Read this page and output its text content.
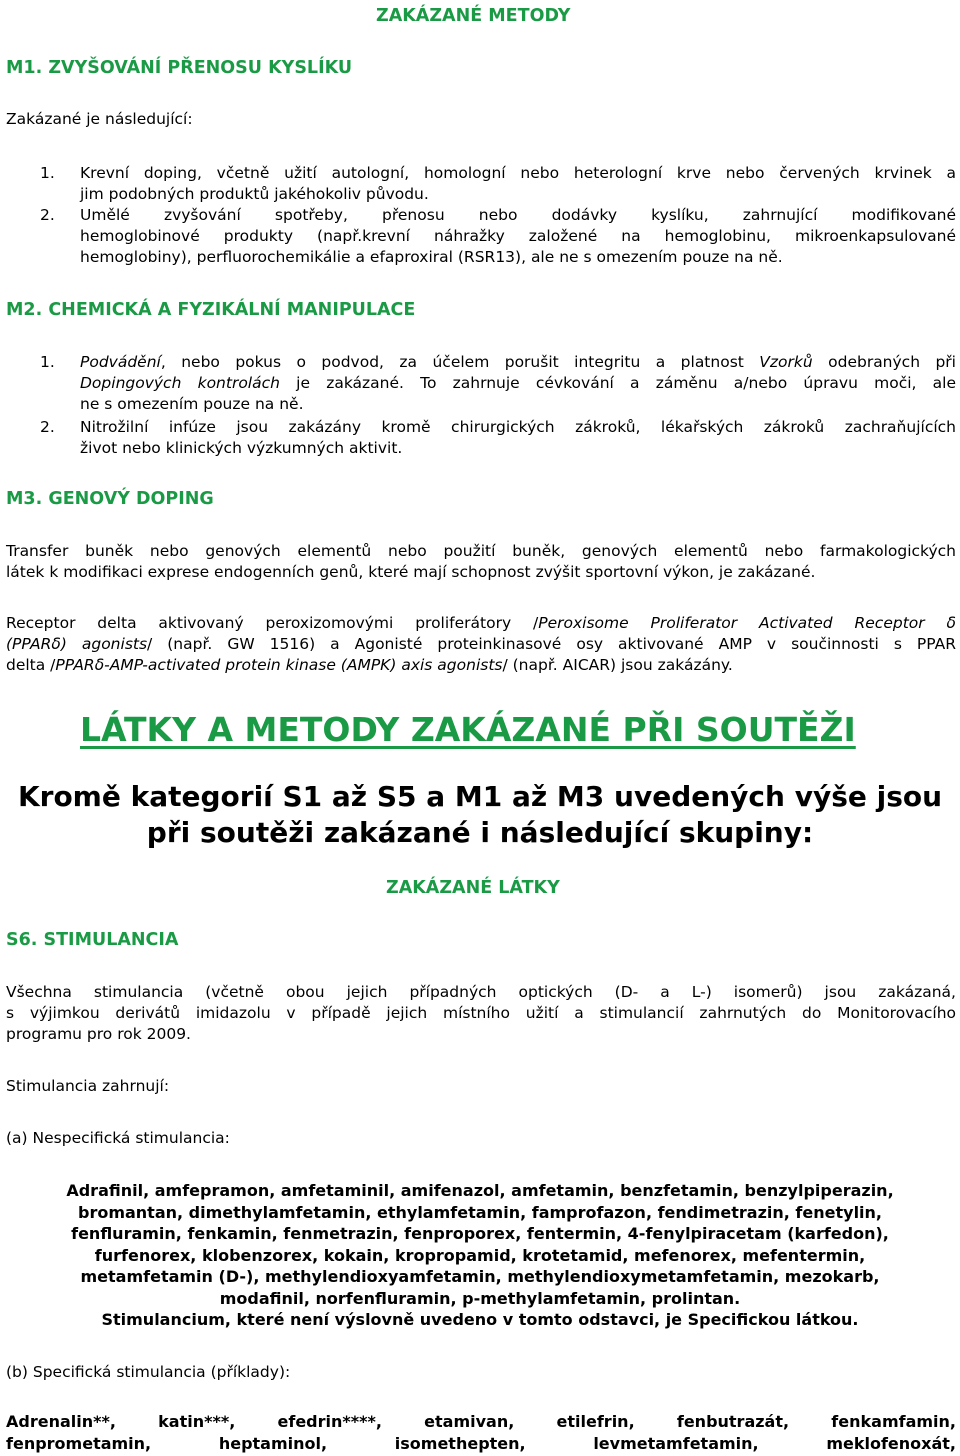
ZAKÁZANÉ METODY
M1. ZVYŠOVÁNÍ PŘENOSU KYSLÍKU
Zakázané je následující:
1. Krevní doping, včetně užití autologní, homologní nebo heterologní krve nebo červených krvinek a

jim podobných produktů jakéhokoliv původu.

2. Umělé zvyšování spotřeby, přenosu nebo dodávky kyslíku, zahrnující modifikované

hemoglobinové produkty (např.krevní náhražky založené na hemoglobinu, mikroenkapsulované

hemoglobiny), perfluorochemikálie a efaproxiral (RSR13), ale ne s omezením pouze na ně.

M2. CHEMICKÁ A FYZIKÁLNÍ MANIPULACE
1. Podvádění, nebo pokus o podvod, za účelem porušit integritu a platnost Vzorků odebraných při

Dopingových kontrolách je zakázané. To zahrnuje cévkování a záměnu a/nebo úpravu moči, ale

ne s omezením pouze na ně.

2. Nitrožilní infúze jsou zakázány kromě chirurgických zákroků, lékařských zákroků zachraňujících

život nebo klinických výzkumných aktivit.

M3. GENOVÝ DOPING

Transfer buněk nebo genových elementů nebo použití buněk, genových elementů nebo farmakologických

látek k modifikaci exprese endogenních genů, které mají schopnost zvýšit sportovní výkon, je zakázané.

Receptor delta aktivovaný peroxizomovými proliferátory /Peroxisome Proliferator Activated Receptor δ

(PPARδ) agonists/ (např. GW 1516) a Agonisté proteinkinasové osy aktivované AMP v součinnosti s PPAR

delta /PPARδ-AMP-activated protein kinase (AMPK) axis agonists/ (např. AICAR) jsou zakázány.

LÁTKY A METODY ZAKÁZANÉ PŘI SOUTĚŽI

Kromě kategorií S1 až S5 a M1 až M3 uvedených výše jsou

při soutěži zakázané i následující skupiny:

ZAKÁZANÉ LÁTKY
S6. STIMULANCIA

Všechna stimulancia (včetně obou jejich případných optických (D- a L-) isomerů) jsou zakázaná,

s výjimkou derivátů imidazolu v případě jejich místního užití a stimulancií zahrnutých do Monitorovacího

programu pro rok 2009.

Stimulancia zahrnují:
(a) Nespecifická stimulancia:

Adrafinil, amfepramon, amfetaminil, amifenazol, amfetamin, benzfetamin, benzylpiperazin,

bromantan, dimethylamfetamin, ethylamfetamin, famprofazon, fendimetrazin, fenetylin,

fenfluramin, fenkamin, fenmetrazin, fenproporex, fentermin, 4-fenylpiracetam (karfedon),

furfenorex, klobenzorex, kokain, kropropamid, krotetamid, mefenorex, mefentermin,

metamfetamin (D-), methylendioxyamfetamin, methylendioxymetamfetamin, mezokarb,

modafinil, norfenfluramin, p-methylamfetamin, prolintan.

Stimulancium, které není výslovně uvedeno v tomto odstavci, je Specifickou látkou.

(b) Specifická stimulancia (příklady):

Adrenalin**, katin***, efedrin****, etamivan, etilefrin, fenbutrazát, fenkamfamin,

fenprometamin, heptaminol, isomethepten, levmetamfetamin, meklofenoxát,
